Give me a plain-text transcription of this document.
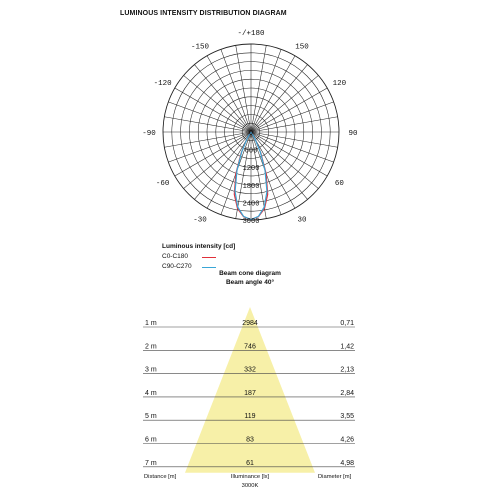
LUMINOUS INTENSITY DISTRIBUTION DIAGRAM
-/+180
-150	150
-120	120
-90	90
-60	60
-30	30
0
600
1200
1800
2400
3000
Luminous intensity [cd]
C0-C180
C90-C270
Beam cone diagram
Beam angle 40°
1 m	2984	0,71
2 m	746	1,42
3 m	332	2,13
4 m	187	2,84
5 m	119	3,55
6 m	83	4,26
7 m	61	4,98
Distance [m]	Illuminance [lx]
3000K
Diameter [m]
